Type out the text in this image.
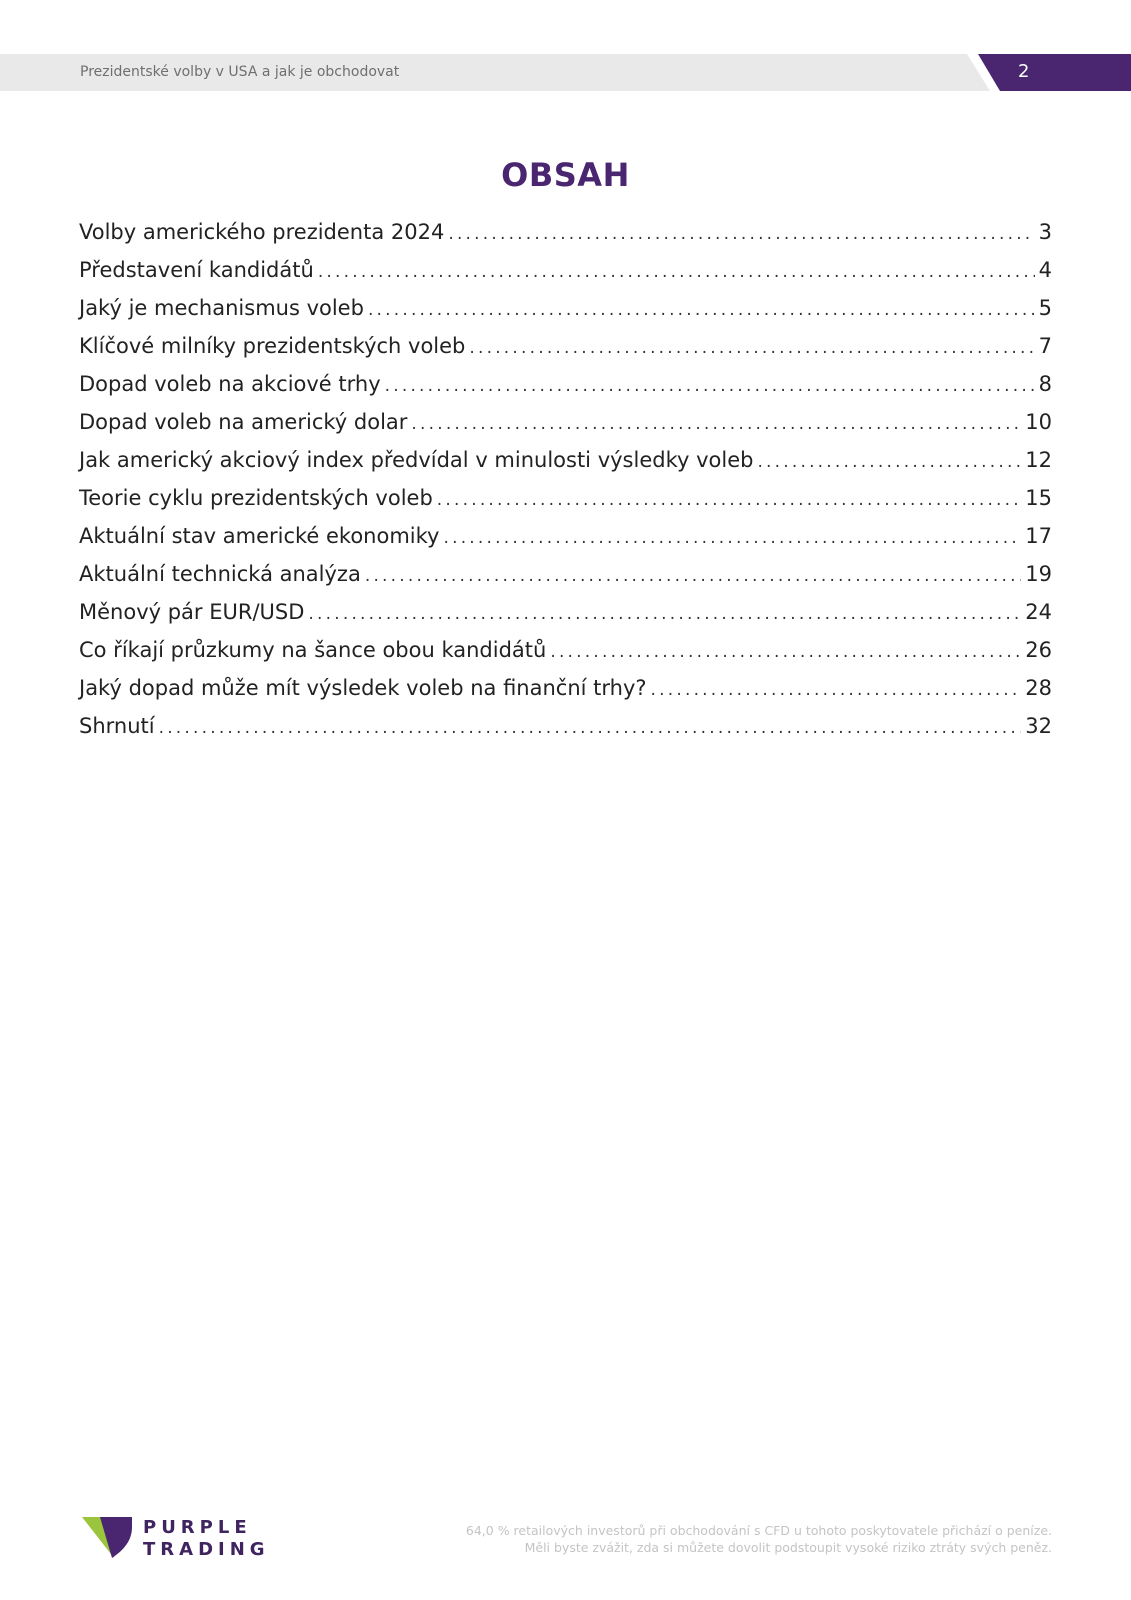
Prezidentské volby v USA a jak je obchodovat	2
OBSAH
Volby amerického prezidenta 2024 .....	3
Představení kandidátů .....	4
Jaký je mechanismus voleb .....	5
Klíčové milníky prezidentských voleb .....	7
Dopad voleb na akciové trhy .....	8
Dopad voleb na americký dolar .....	10
Jak americký akciový index předvídal v minulosti výsledky voleb .....	12
Teorie cyklu prezidentských voleb .....	15
Aktuální stav americké ekonomiky .....	17
Aktuální technická analýza .....	19
Měnový pár EUR/USD .....	24
Co říkají průzkumy na šance obou kandidátů .....	26
Jaký dopad může mít výsledek voleb na finanční trhy? .....	28
Shrnutí .....	32
PURPLE
TRADING
64,0 % retailových investorů při obchodování s CFD u tohoto poskytovatele přichází o peníze.
Měli byste zvážit, zda si můžete dovolit podstoupit vysoké riziko ztráty svých peněz.
